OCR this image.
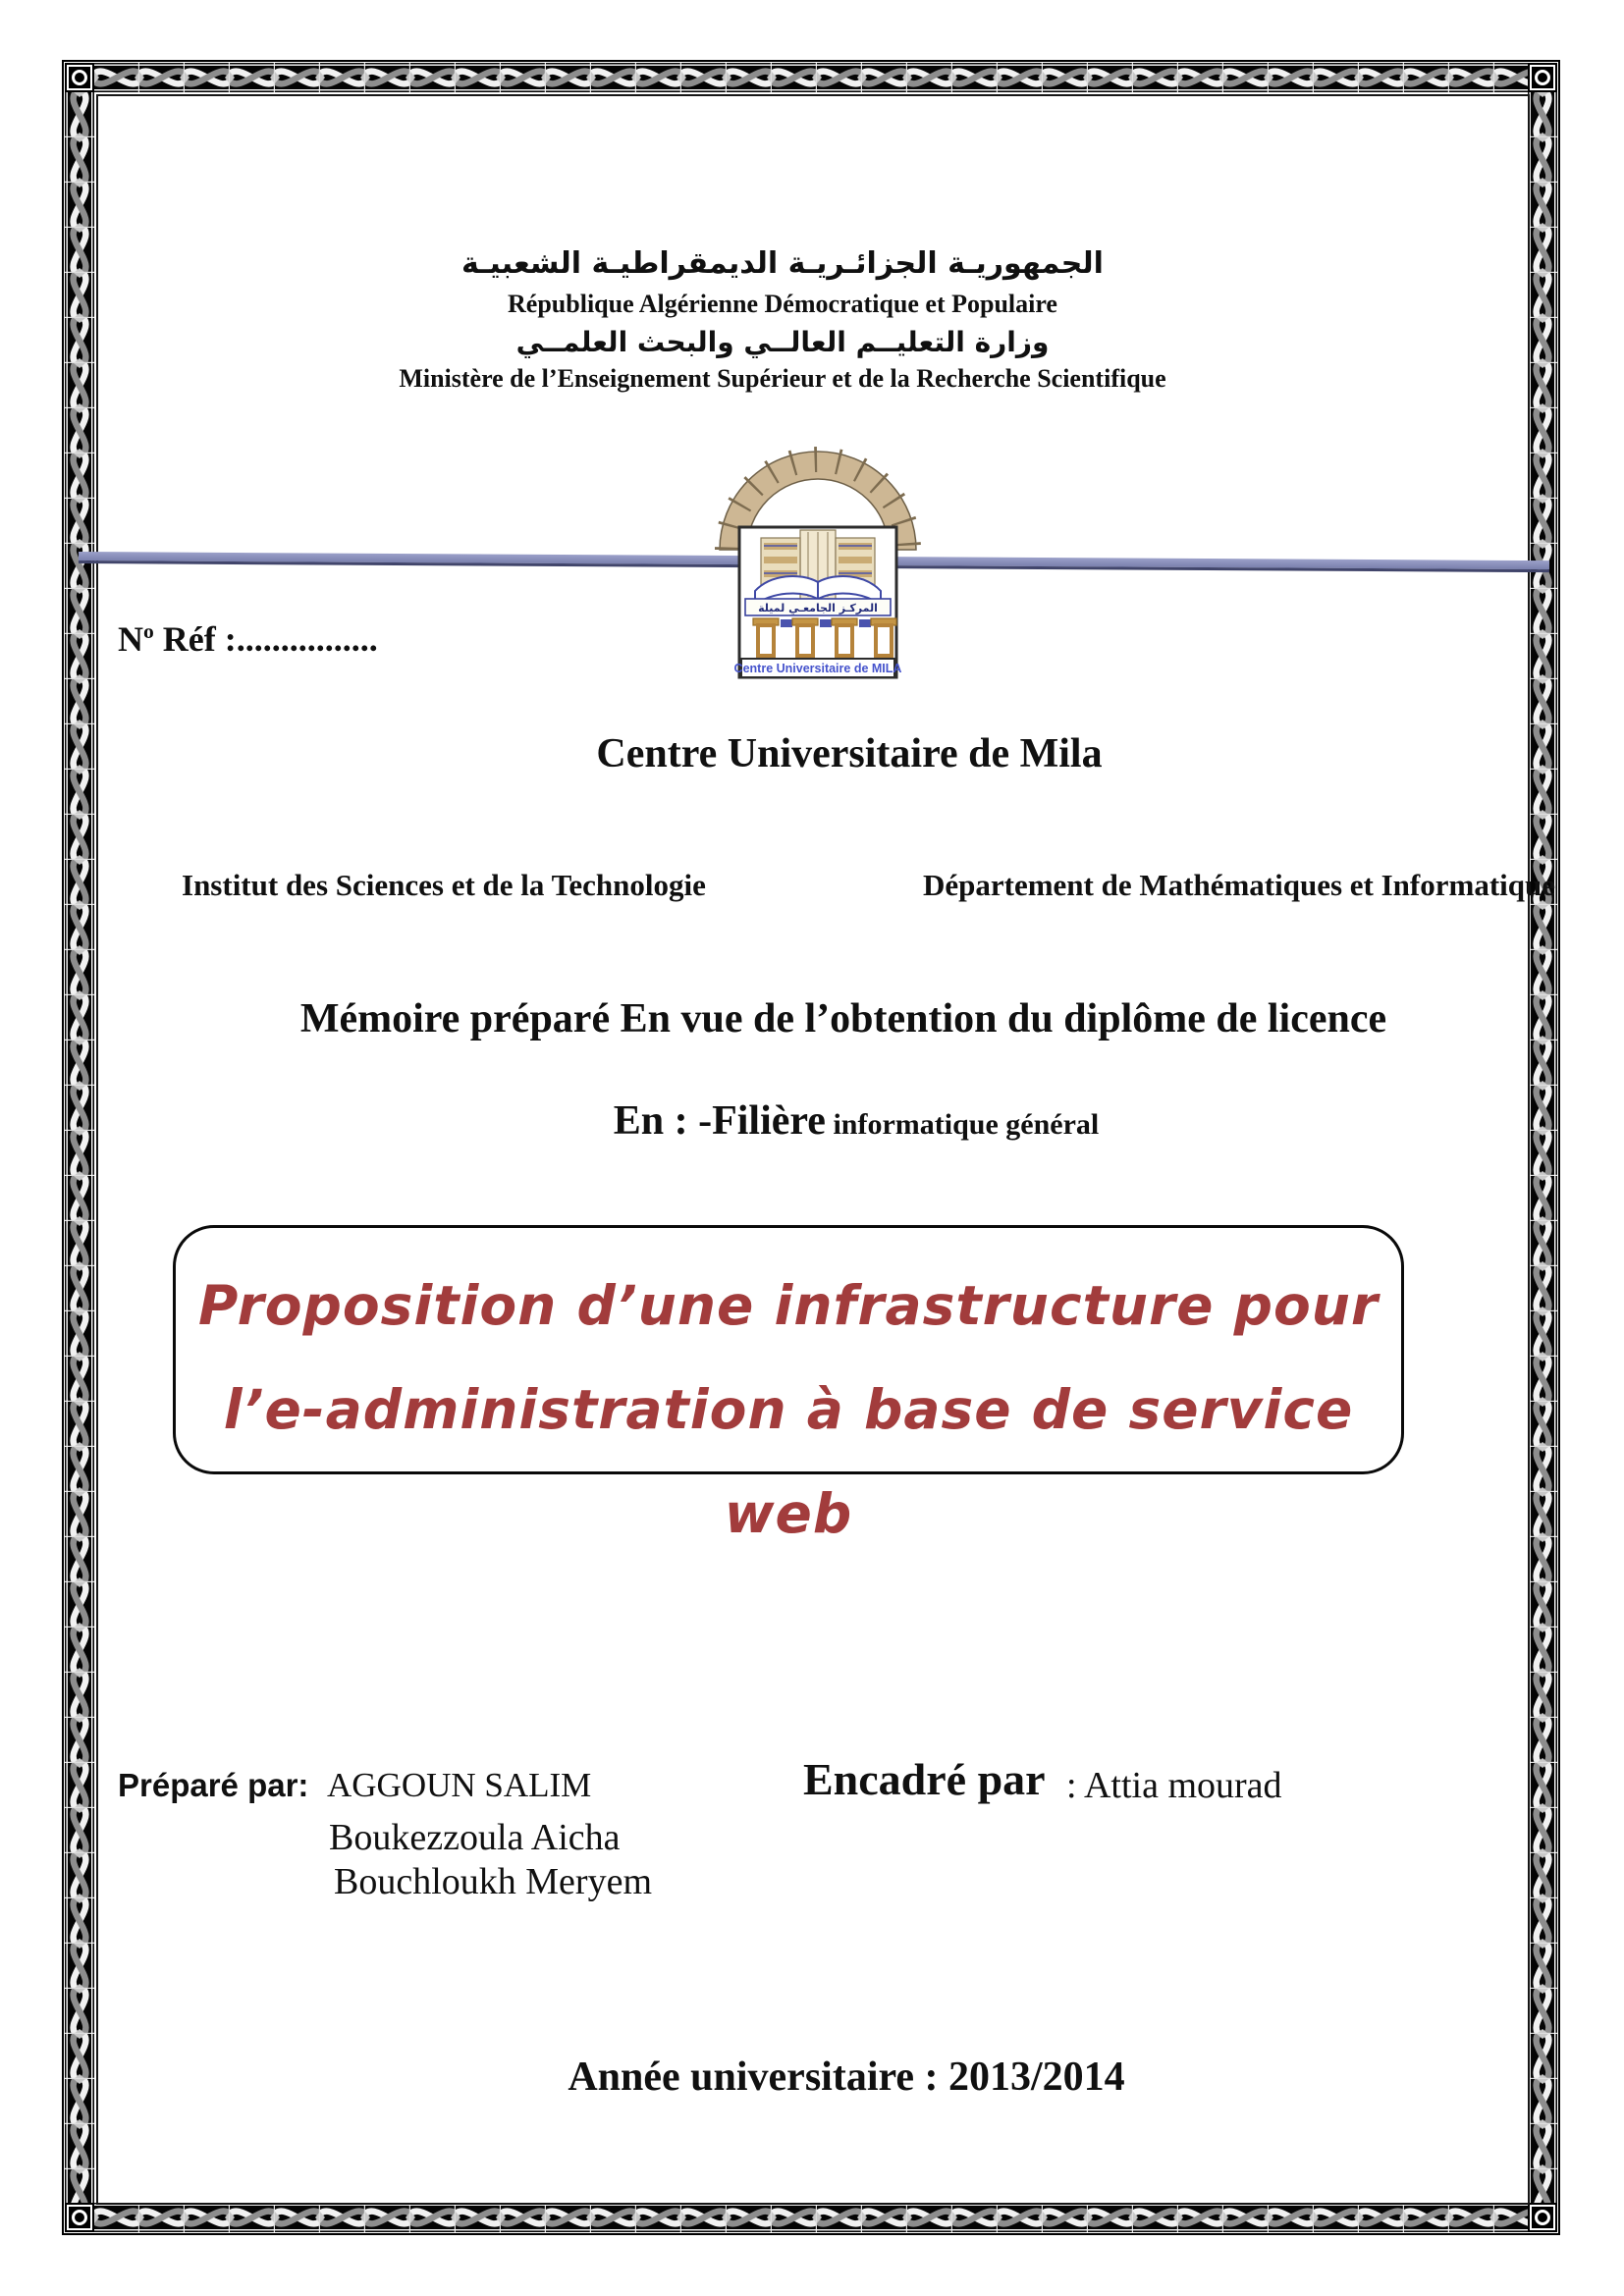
الجمهوريـة الجزائـريـة الديمقراطيـة الشعبيـة
République Algérienne Démocratique et Populaire
وزارة التعليــم العالــي والبحث العلمــي
Ministère de l’Enseignement Supérieur et de la Recherche Scientifique
$N^o$ Réf :................
المركـز الجامعـي لميلة
Centre Universitaire de MILA
Centre Universitaire de Mila
Institut des Sciences et de la Technologie	Département de Mathématiques et Informatique
Mémoire préparé En vue de l’obtention du diplôme de licence
En : -Filière informatique général
Proposition d’une infrastructure pour
l’e-administration à base de service web
Préparé par: AGGOUN SALIM
Boukezzoula Aicha
Bouchloukh Meryem
Encadré par : Attia mourad
Année universitaire : 2013/2014
